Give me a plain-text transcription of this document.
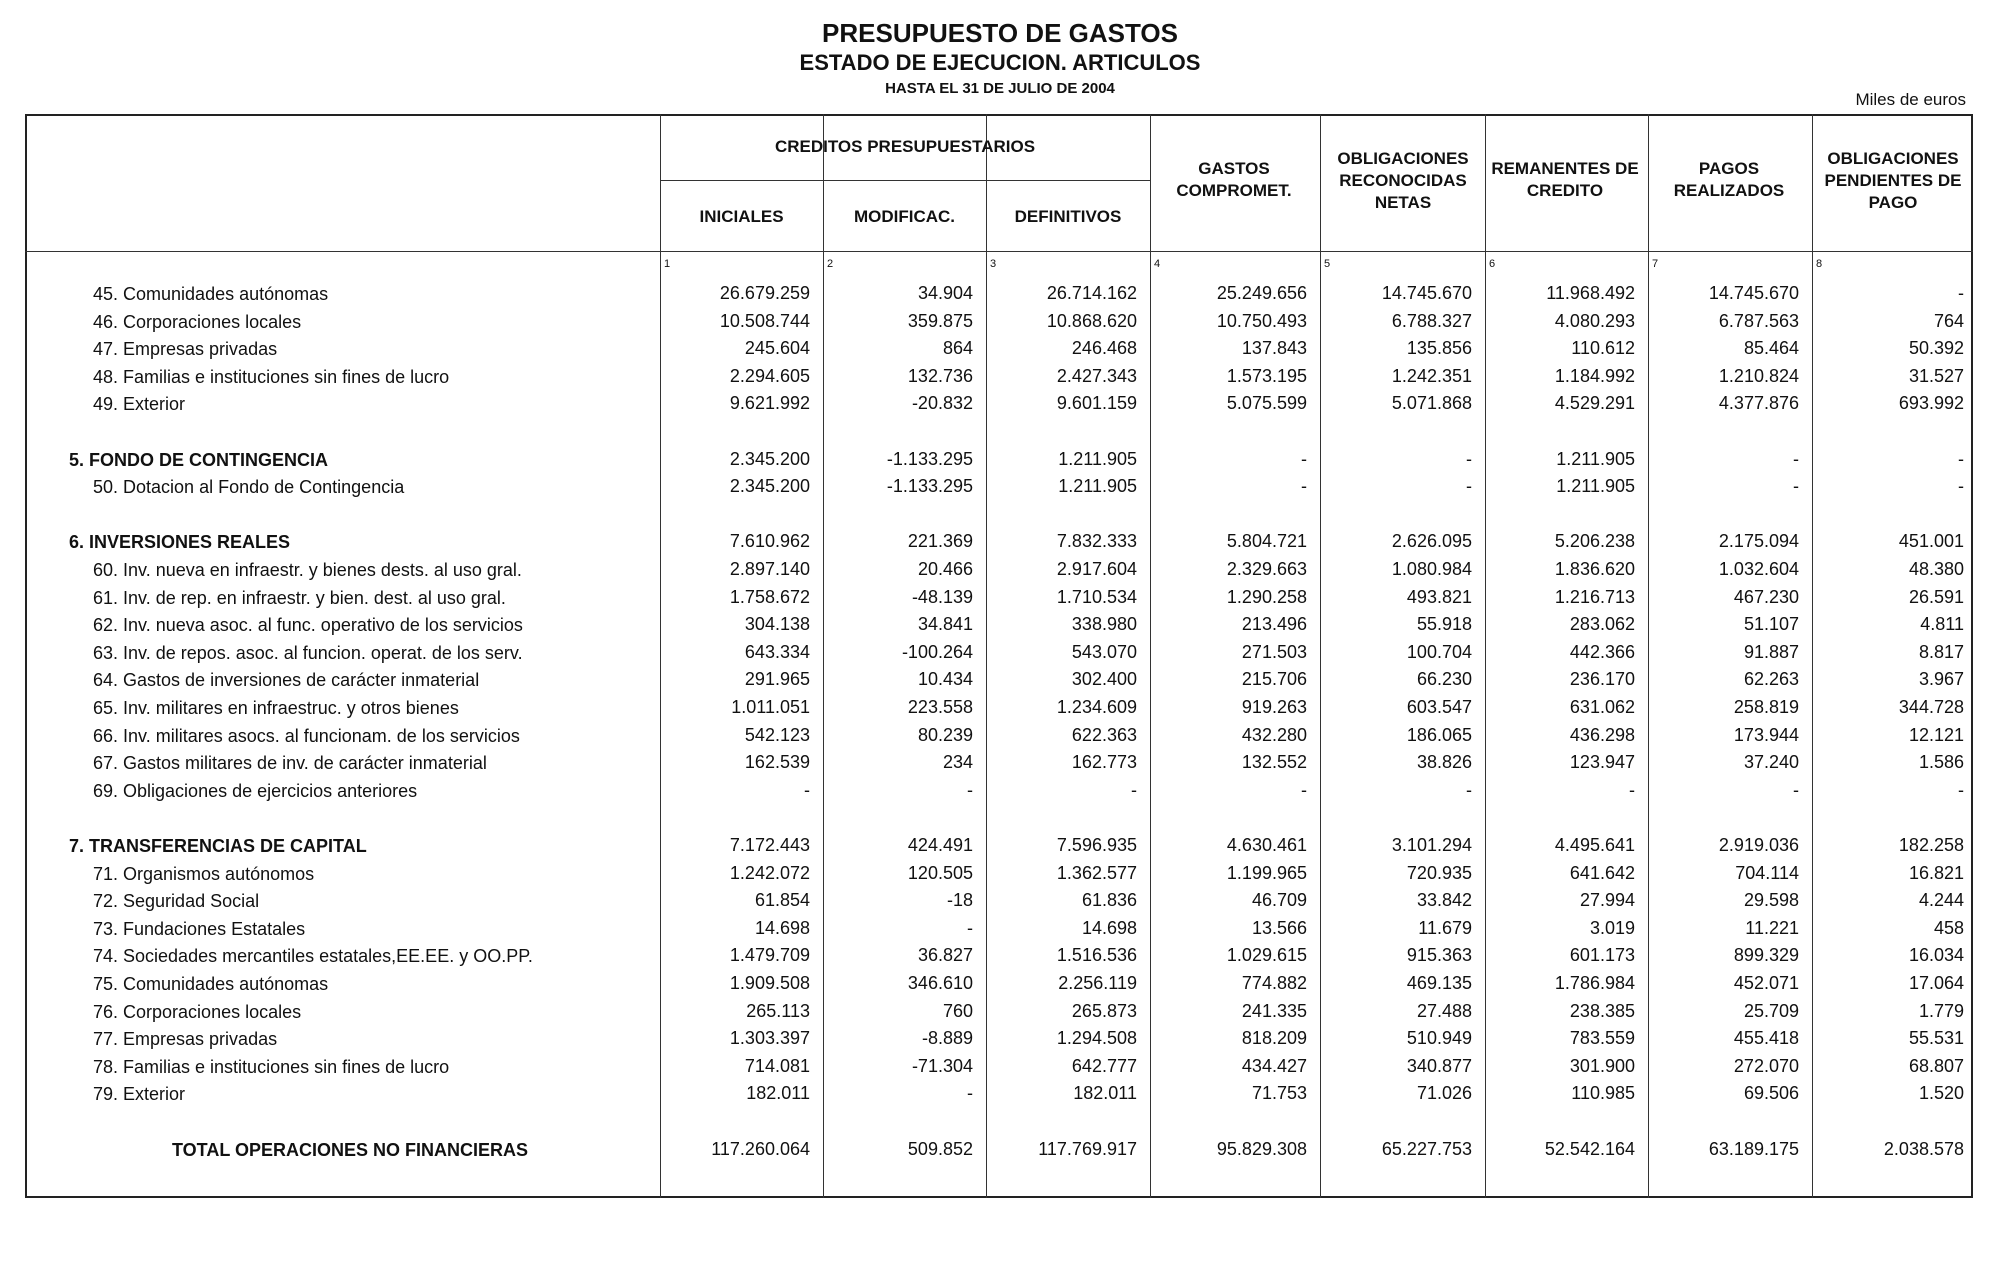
PRESUPUESTO DE GASTOS
ESTADO DE EJECUCION. ARTICULOS
HASTA EL 31 DE JULIO DE 2004
Miles de euros
CREDITOS PRESUPUESTARIOS
INICIALES	MODIFICAC.	DEFINITIVOS
GASTOS COMPROMET.
OBLIGACIONES RECONOCIDAS NETAS
REMANENTES DE CREDITO
PAGOS REALIZADOS
OBLIGACIONES PENDIENTES DE PAGO
1	2	3	4	5	6	7	8
45. Comunidades autónomas	26.679.259	34.904	26.714.162	25.249.656	14.745.670	11.968.492	14.745.670	-
46. Corporaciones locales	10.508.744	359.875	10.868.620	10.750.493	6.788.327	4.080.293	6.787.563	764
47. Empresas privadas	245.604	864	246.468	137.843	135.856	110.612	85.464	50.392
48. Familias e instituciones sin fines de lucro	2.294.605	132.736	2.427.343	1.573.195	1.242.351	1.184.992	1.210.824	31.527
49. Exterior	9.621.992	-20.832	9.601.159	5.075.599	5.071.868	4.529.291	4.377.876	693.992
5. FONDO DE CONTINGENCIA	2.345.200	-1.133.295	1.211.905	-	-	1.211.905	-	-
50. Dotacion al Fondo de Contingencia	2.345.200	-1.133.295	1.211.905	-	-	1.211.905	-	-
6. INVERSIONES REALES	7.610.962	221.369	7.832.333	5.804.721	2.626.095	5.206.238	2.175.094	451.001
60. Inv. nueva en infraestr. y bienes dests. al uso gral.	2.897.140	20.466	2.917.604	2.329.663	1.080.984	1.836.620	1.032.604	48.380
61. Inv. de rep. en infraestr. y bien. dest. al uso gral.	1.758.672	-48.139	1.710.534	1.290.258	493.821	1.216.713	467.230	26.591
62. Inv. nueva asoc. al func. operativo de los servicios	304.138	34.841	338.980	213.496	55.918	283.062	51.107	4.811
63. Inv. de repos. asoc. al funcion. operat. de los serv.	643.334	-100.264	543.070	271.503	100.704	442.366	91.887	8.817
64. Gastos de inversiones de carácter inmaterial	291.965	10.434	302.400	215.706	66.230	236.170	62.263	3.967
65. Inv. militares en infraestruc. y otros bienes	1.011.051	223.558	1.234.609	919.263	603.547	631.062	258.819	344.728
66. Inv. militares asocs. al funcionam. de los servicios	542.123	80.239	622.363	432.280	186.065	436.298	173.944	12.121
67. Gastos militares de inv. de carácter inmaterial	162.539	234	162.773	132.552	38.826	123.947	37.240	1.586
69. Obligaciones de ejercicios anteriores	-	-	-	-	-	-	-	-
7. TRANSFERENCIAS DE CAPITAL	7.172.443	424.491	7.596.935	4.630.461	3.101.294	4.495.641	2.919.036	182.258
71. Organismos autónomos	1.242.072	120.505	1.362.577	1.199.965	720.935	641.642	704.114	16.821
72. Seguridad Social	61.854	-18	61.836	46.709	33.842	27.994	29.598	4.244
73. Fundaciones Estatales	14.698	-	14.698	13.566	11.679	3.019	11.221	458
74. Sociedades mercantiles estatales,EE.EE. y OO.PP.	1.479.709	36.827	1.516.536	1.029.615	915.363	601.173	899.329	16.034
75. Comunidades autónomas	1.909.508	346.610	2.256.119	774.882	469.135	1.786.984	452.071	17.064
76. Corporaciones locales	265.113	760	265.873	241.335	27.488	238.385	25.709	1.779
77. Empresas privadas	1.303.397	-8.889	1.294.508	818.209	510.949	783.559	455.418	55.531
78. Familias e instituciones sin fines de lucro	714.081	-71.304	642.777	434.427	340.877	301.900	272.070	68.807
79. Exterior	182.011	-	182.011	71.753	71.026	110.985	69.506	1.520
TOTAL OPERACIONES NO FINANCIERAS	117.260.064	509.852	117.769.917	95.829.308	65.227.753	52.542.164	63.189.175	2.038.578
